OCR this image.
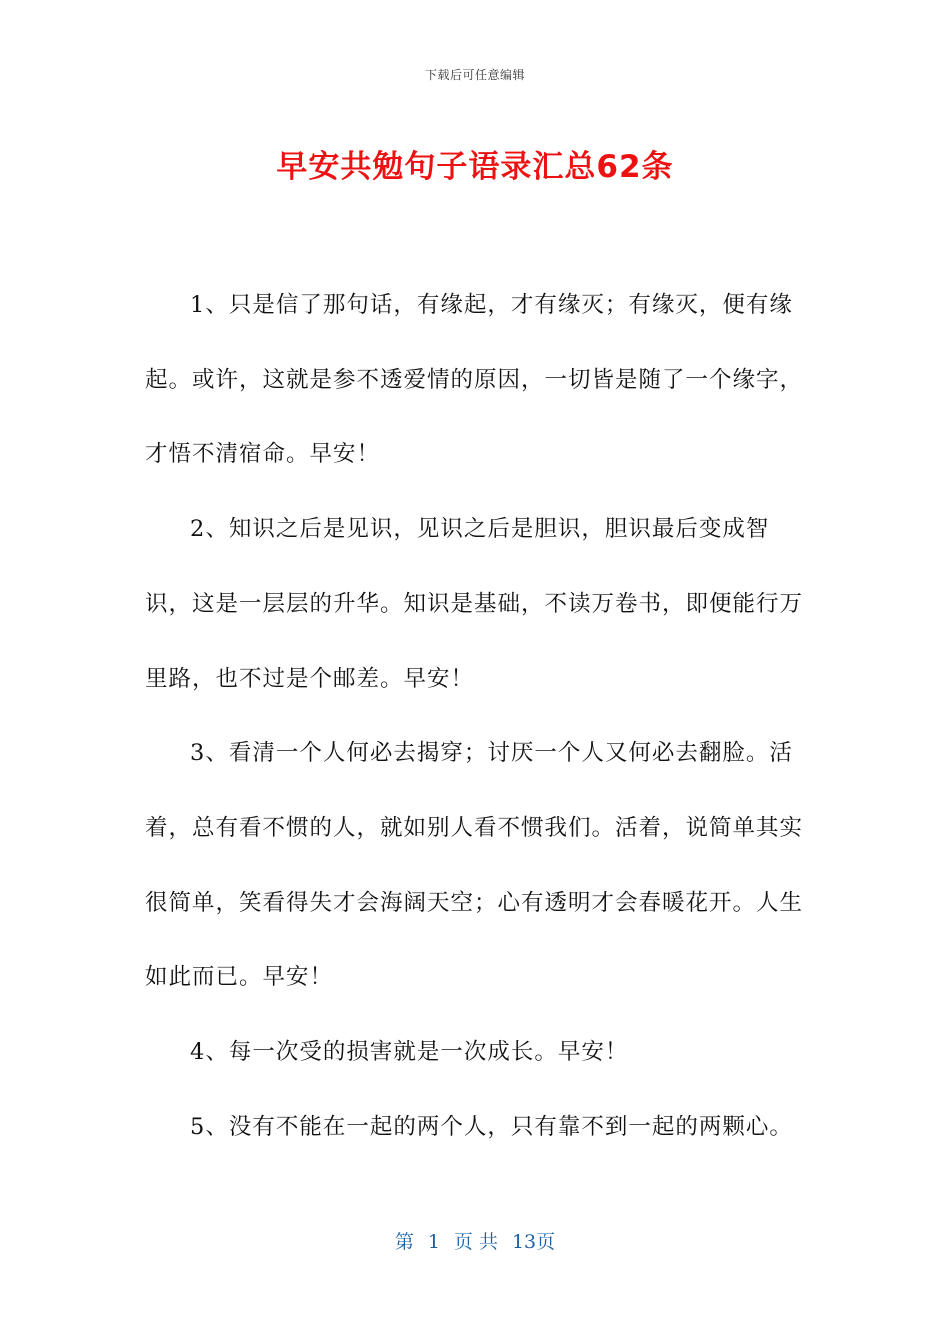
下载后可任意编辑
早安共勉句子语录汇总62条

1、只是信了那句话，有缘起，才有缘灭；有缘灭，便有缘起。或许，这就是参不透爱情的原因，一切皆是随了一个缘字，才悟不清宿命。早安！

2、知识之后是见识，见识之后是胆识，胆识最后变成智识，这是一层层的升华。知识是基础，不读万卷书，即便能行万里路，也不过是个邮差。早安！

3、看清一个人何必去揭穿；讨厌一个人又何必去翻脸。活着，总有看不惯的人，就如别人看不惯我们。活着，说简单其实很简单，笑看得失才会海阔天空；心有透明才会春暖花开。人生如此而已。早安！

4、每一次受的损害就是一次成长。早安！

5、没有不能在一起的两个人，只有靠不到一起的两颗心。

第 1 页 共 13页
